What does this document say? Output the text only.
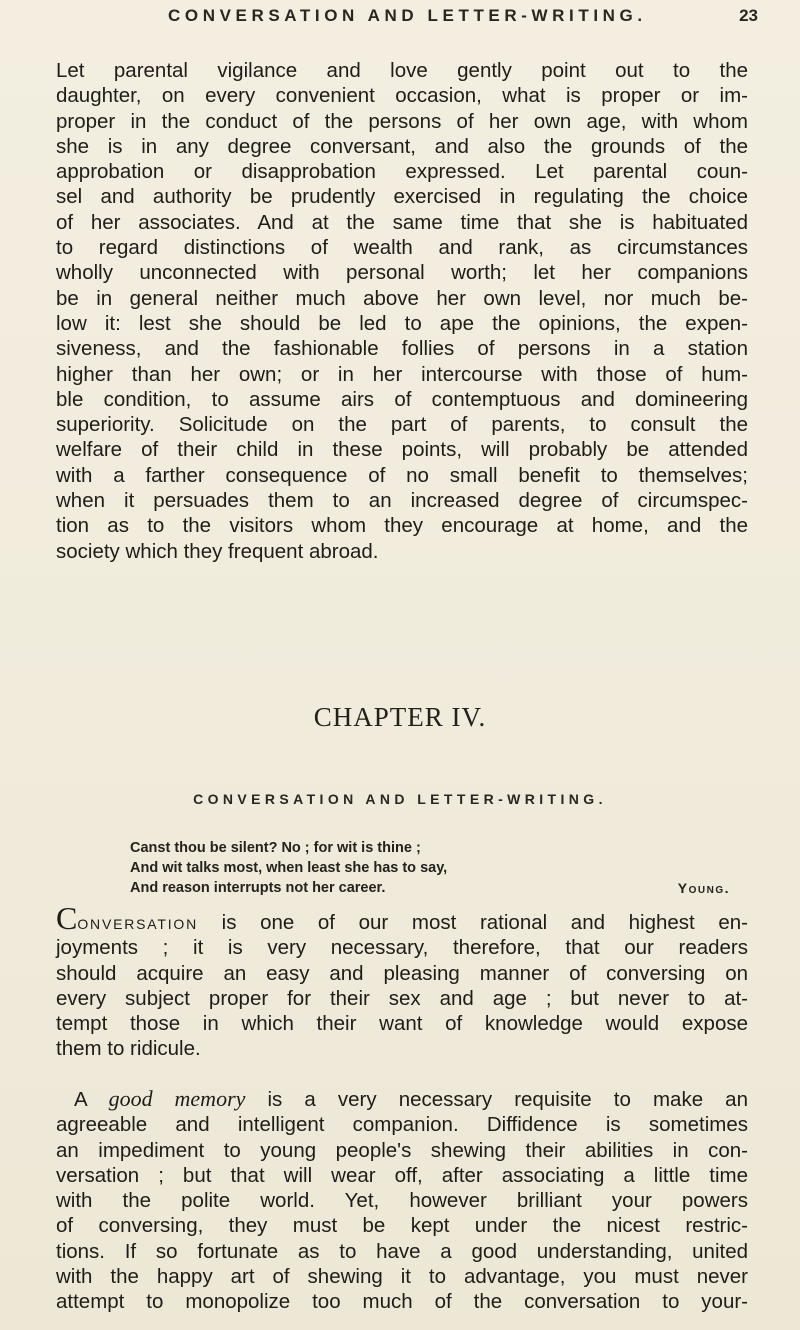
CONVERSATION AND LETTER-WRITING.	23
Let parental vigilance and love gently point out to the
daughter, on every convenient occasion, what is proper or im-
proper in the conduct of the persons of her own age, with whom
she is in any degree conversant, and also the grounds of the
approbation or disapprobation expressed. Let parental coun-
sel and authority be prudently exercised in regulating the choice
of her associates. And at the same time that she is habituated
to regard distinctions of wealth and rank, as circumstances
wholly unconnected with personal worth; let her companions
be in general neither much above her own level, nor much be-
low it: lest she should be led to ape the opinions, the expen-
siveness, and the fashionable follies of persons in a station
higher than her own; or in her intercourse with those of hum-
ble condition, to assume airs of contemptuous and domineering
superiority. Solicitude on the part of parents, to consult the
welfare of their child in these points, will probably be attended
with a farther consequence of no small benefit to themselves;
when it persuades them to an increased degree of circumspec-
tion as to the visitors whom they encourage at home, and the
society which they frequent abroad.
CHAPTER IV.
CONVERSATION AND LETTER-WRITING.
Canst thou be silent? No ; for wit is thine ;
And wit talks most, when least she has to say,
And reason interrupts not her career.	Young.
Conversation is one of our most rational and highest en-
joyments ; it is very necessary, therefore, that our readers
should acquire an easy and pleasing manner of conversing on
every subject proper for their sex and age ; but never to at-
tempt those in which their want of knowledge would expose
them to ridicule.
A good memory is a very necessary requisite to make an
agreeable and intelligent companion. Diffidence is sometimes
an impediment to young people's shewing their abilities in con-
versation ; but that will wear off, after associating a little time
with the polite world. Yet, however brilliant your powers
of conversing, they must be kept under the nicest restric-
tions. If so fortunate as to have a good understanding, united
with the happy art of shewing it to advantage, you must never
attempt to monopolize too much of the conversation to your-
